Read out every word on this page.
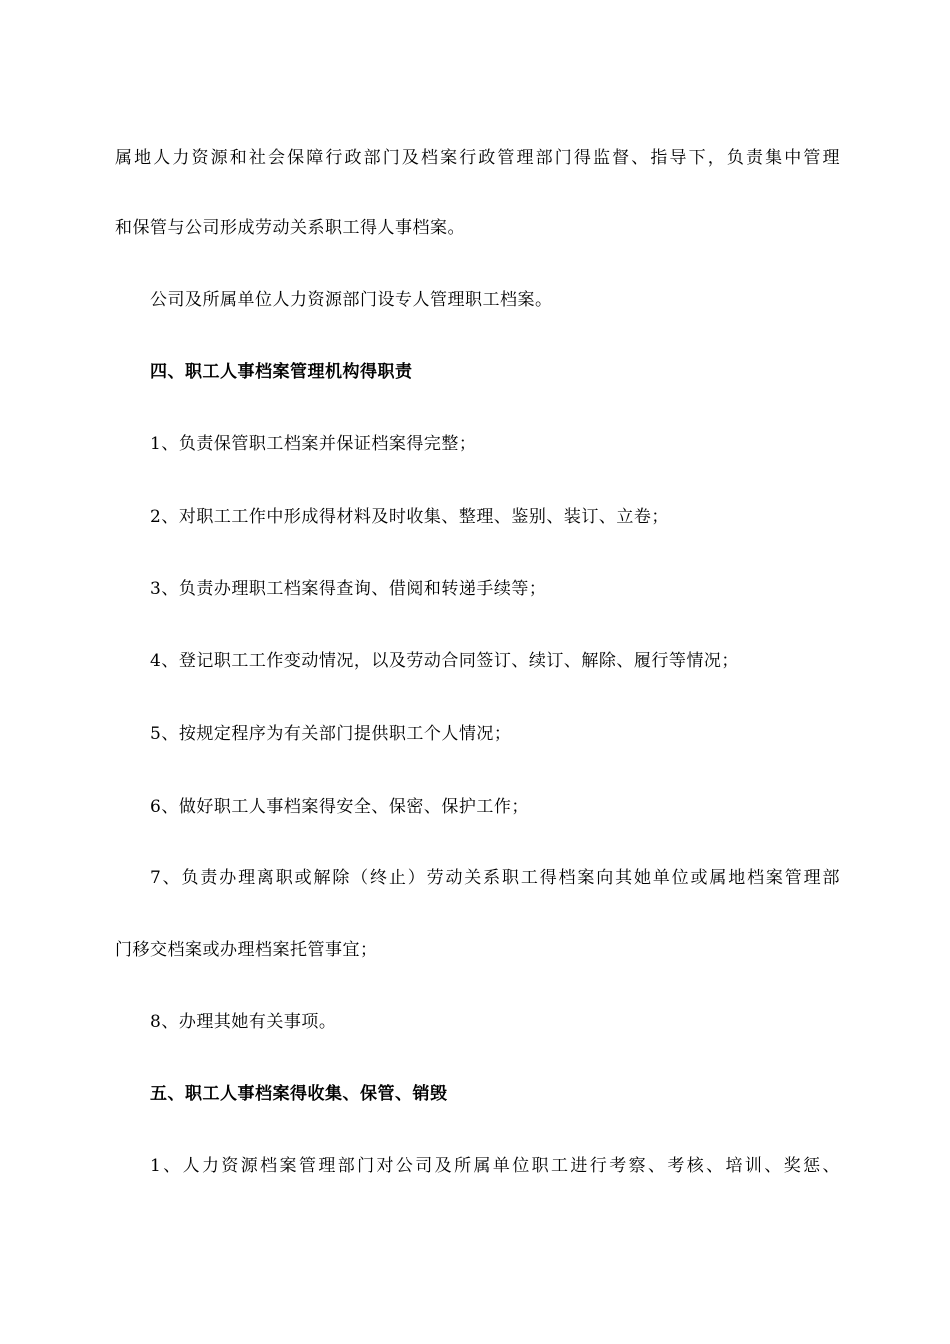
属地人力资源和社会保障行政部门及档案行政管理部门得监督、指导下，负责集中管理
和保管与公司形成劳动关系职工得人事档案。
公司及所属单位人力资源部门设专人管理职工档案。
四、职工人事档案管理机构得职责
1、负责保管职工档案并保证档案得完整；
2、对职工工作中形成得材料及时收集、整理、鉴别、装订、立卷；
3、负责办理职工档案得查询、借阅和转递手续等；
4、登记职工工作变动情况，以及劳动合同签订、续订、解除、履行等情况；
5、按规定程序为有关部门提供职工个人情况；
6、做好职工人事档案得安全、保密、保护工作；
7、负责办理离职或解除（终止）劳动关系职工得档案向其她单位或属地档案管理部
门移交档案或办理档案托管事宜；
8、办理其她有关事项。
五、职工人事档案得收集、保管、销毁
1、人力资源档案管理部门对公司及所属单位职工进行考察、考核、培训、奖惩、
